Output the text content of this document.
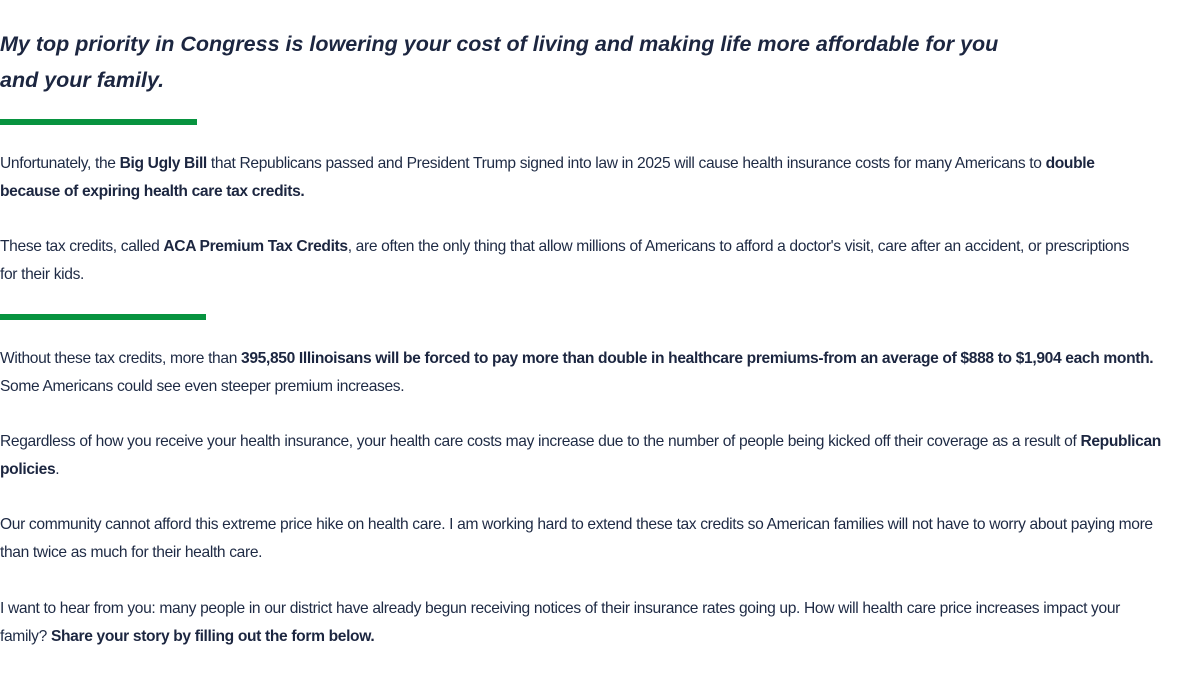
My top priority in Congress is lowering your cost of living and making life more affordable for you and your family.

Unfortunately, the Big Ugly Bill that Republicans passed and President Trump signed into law in 2025 will cause health insurance costs for many Americans to double because of expiring health care tax credits.

These tax credits, called ACA Premium Tax Credits, are often the only thing that allow millions of Americans to afford a doctor's visit, care after an accident, or prescriptions for their kids.

Without these tax credits, more than 395,850 Illinoisans will be forced to pay more than double in healthcare premiums-from an average of $888 to $1,904 each month. Some Americans could see even steeper premium increases.

Regardless of how you receive your health insurance, your health care costs may increase due to the number of people being kicked off their coverage as a result of Republican policies.

Our community cannot afford this extreme price hike on health care. I am working hard to extend these tax credits so American families will not have to worry about paying more than twice as much for their health care.

I want to hear from you: many people in our district have already begun receiving notices of their insurance rates going up. How will health care price increases impact your family? Share your story by filling out the form below.
